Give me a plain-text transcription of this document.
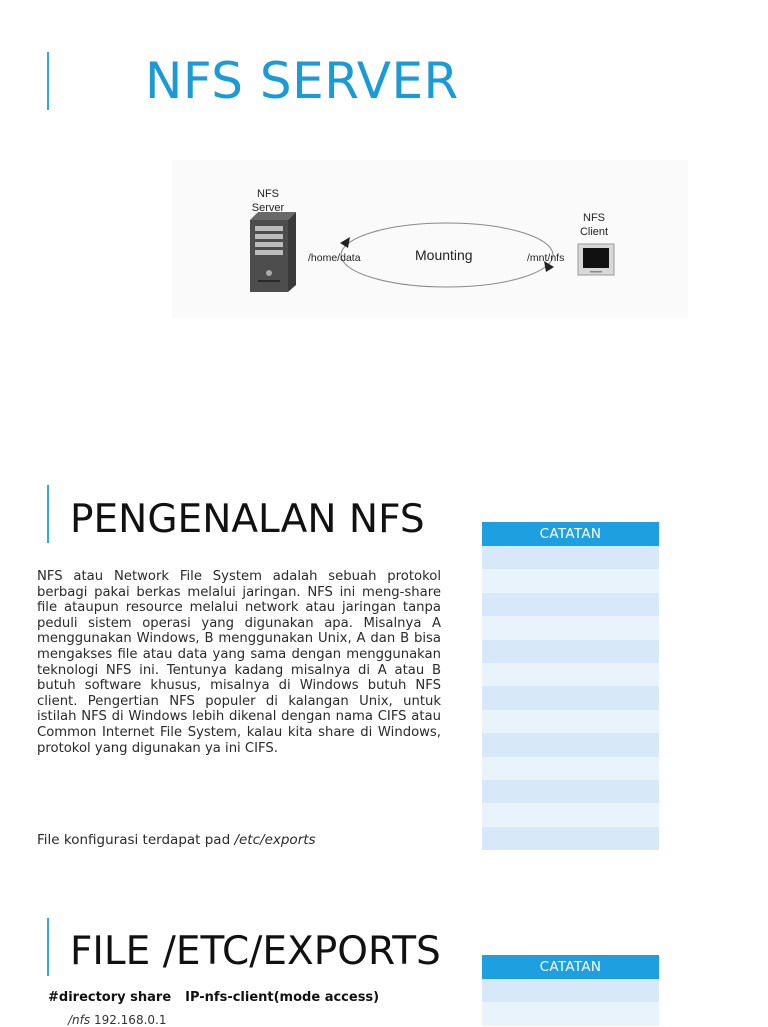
NFS SERVER
NFS
Server
/home/data	Mounting	/mnt/nfs
NFS
Client
PENGENALAN NFS

NFS atau Network File System adalah sebuah protokol berbagi pakai berkas melalui jaringan. NFS ini meng-share file ataupun resource melalui network atau jaringan tanpa peduli sistem operasi yang digunakan apa. Misalnya A menggunakan Windows, B menggunakan Unix, A dan B bisa mengakses file atau data yang sama dengan menggunakan teknologi NFS ini. Tentunya kadang misalnya di A atau B butuh software khusus, misalnya di Windows butuh NFS client. Pengertian NFS populer di kalangan Unix, untuk istilah NFS di Windows lebih dikenal dengan nama CIFS atau Common Internet File System, kalau kita share di Windows, protokol yang digunakan ya ini CIFS.

File konfigurasi terdapat pad /etc/exports

CATATAN
FILE /ETC/EXPORTS

#directory share IP-nfs-client(mode access)

/nfs 192.168.0.1

CATATAN
